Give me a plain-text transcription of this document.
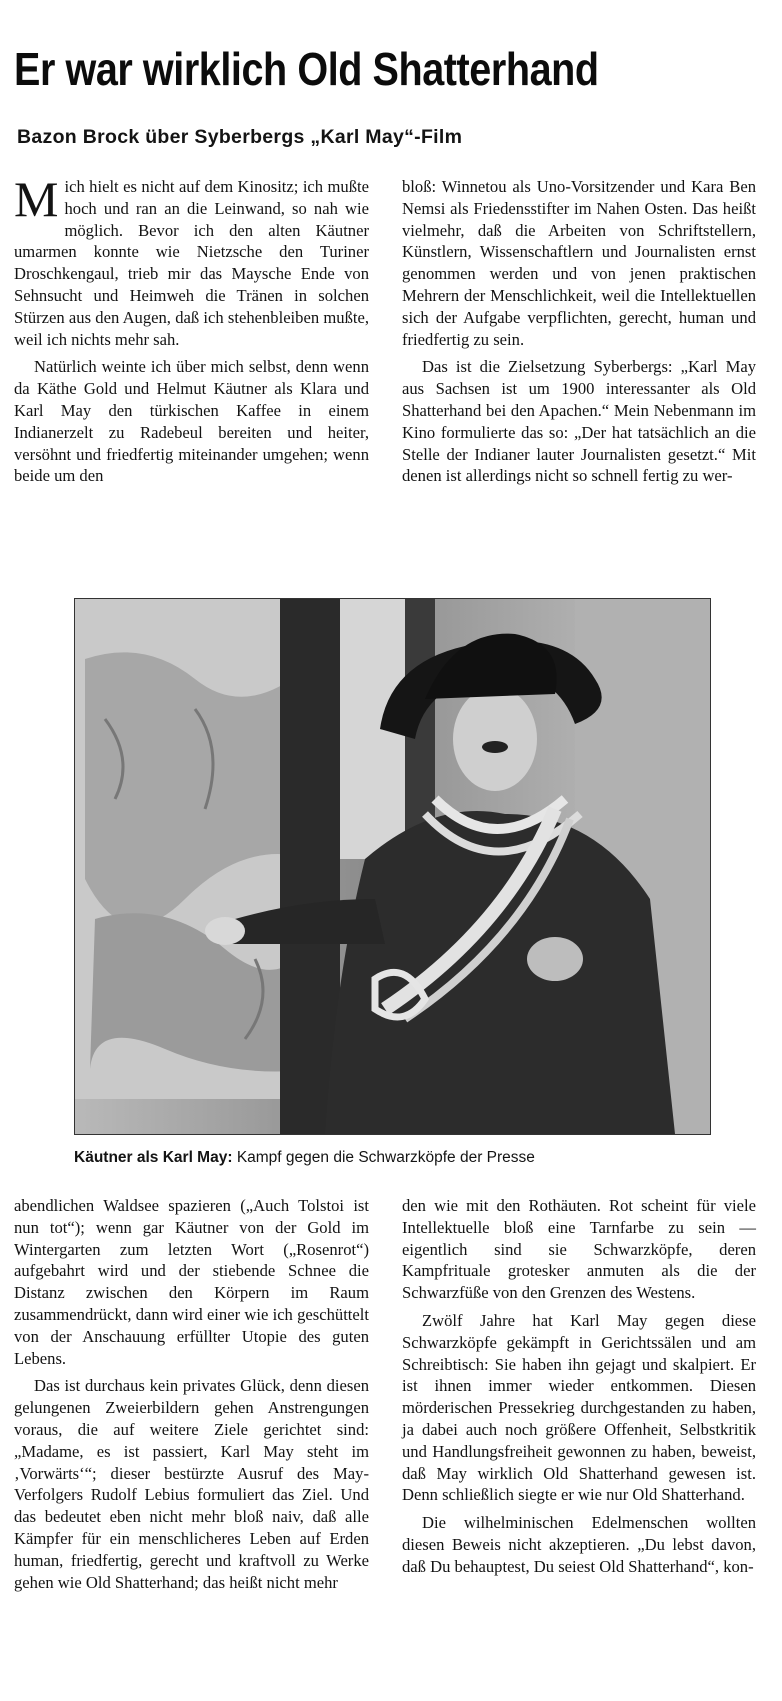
Er war wirklich Old Shatterhand
Bazon Brock über Syberbergs „Karl May“-Film

Mich hielt es nicht auf dem Kinositz; ich mußte hoch und ran an die Leinwand, so nah wie möglich. Bevor ich den alten Käutner umarmen konnte wie Nietzsche den Turiner Droschkengaul, trieb mir das Maysche Ende von Sehnsucht und Heimweh die Tränen in solchen Stürzen aus den Augen, daß ich stehenbleiben mußte, weil ich nichts mehr sah.

Natürlich weinte ich über mich selbst, denn wenn da Käthe Gold und Helmut Käutner als Klara und Karl May den türkischen Kaffee in einem Indianerzelt zu Radebeul bereiten und heiter, versöhnt und friedfertig miteinander umgehen; wenn beide um den

bloß: Winnetou als Uno-Vorsitzender und Kara Ben Nemsi als Friedensstifter im Nahen Osten. Das heißt vielmehr, daß die Arbeiten von Schriftstellern, Künstlern, Wissenschaftlern und Journalisten ernst genommen werden und von jenen praktischen Mehrern der Menschlichkeit, weil die Intellektuellen sich der Aufgabe verpflichten, gerecht, human und friedfertig zu sein.

Das ist die Zielsetzung Syberbergs: „Karl May aus Sachsen ist um 1900 interessanter als Old Shatterhand bei den Apachen.“ Mein Nebenmann im Kino formulierte das so: „Der hat tatsächlich an die Stelle der Indianer lauter Journalisten gesetzt.“ Mit denen ist allerdings nicht so schnell fertig zu wer-

Käutner als Karl May: Kampf gegen die Schwarzköpfe der Presse

abendlichen Waldsee spazieren („Auch Tolstoi ist nun tot“); wenn gar Käutner von der Gold im Wintergarten zum letzten Wort („Rosenrot“) aufgebahrt wird und der stiebende Schnee die Distanz zwischen den Körpern im Raum zusammendrückt, dann wird einer wie ich geschüttelt von der Anschauung erfüllter Utopie des guten Lebens.

Das ist durchaus kein privates Glück, denn diesen gelungenen Zweierbildern gehen Anstrengungen voraus, die auf weitere Ziele gerichtet sind: „Madame, es ist passiert, Karl May steht im ‚Vorwärts‘“; dieser bestürzte Ausruf des May-Verfolgers Rudolf Lebius formuliert das Ziel. Und das bedeutet eben nicht mehr bloß naiv, daß alle Kämpfer für ein menschlicheres Leben auf Erden human, friedfertig, gerecht und kraftvoll zu Werke gehen wie Old Shatterhand; das heißt nicht mehr

den wie mit den Rothäuten. Rot scheint für viele Intellektuelle bloß eine Tarnfarbe zu sein — eigentlich sind sie Schwarzköpfe, deren Kampfrituale grotesker anmuten als die der Schwarzfüße von den Grenzen des Westens.

Zwölf Jahre hat Karl May gegen diese Schwarzköpfe gekämpft in Gerichtssälen und am Schreibtisch: Sie haben ihn gejagt und skalpiert. Er ist ihnen immer wieder entkommen. Diesen mörderischen Pressekrieg durchgestanden zu haben, ja dabei auch noch größere Offenheit, Selbstkritik und Handlungsfreiheit gewonnen zu haben, beweist, daß May wirklich Old Shatterhand gewesen ist. Denn schließlich siegte er wie nur Old Shatterhand.

Die wilhelminischen Edelmenschen wollten diesen Beweis nicht akzeptieren. „Du lebst davon, daß Du behauptest, Du seiest Old Shatterhand“, kon-
